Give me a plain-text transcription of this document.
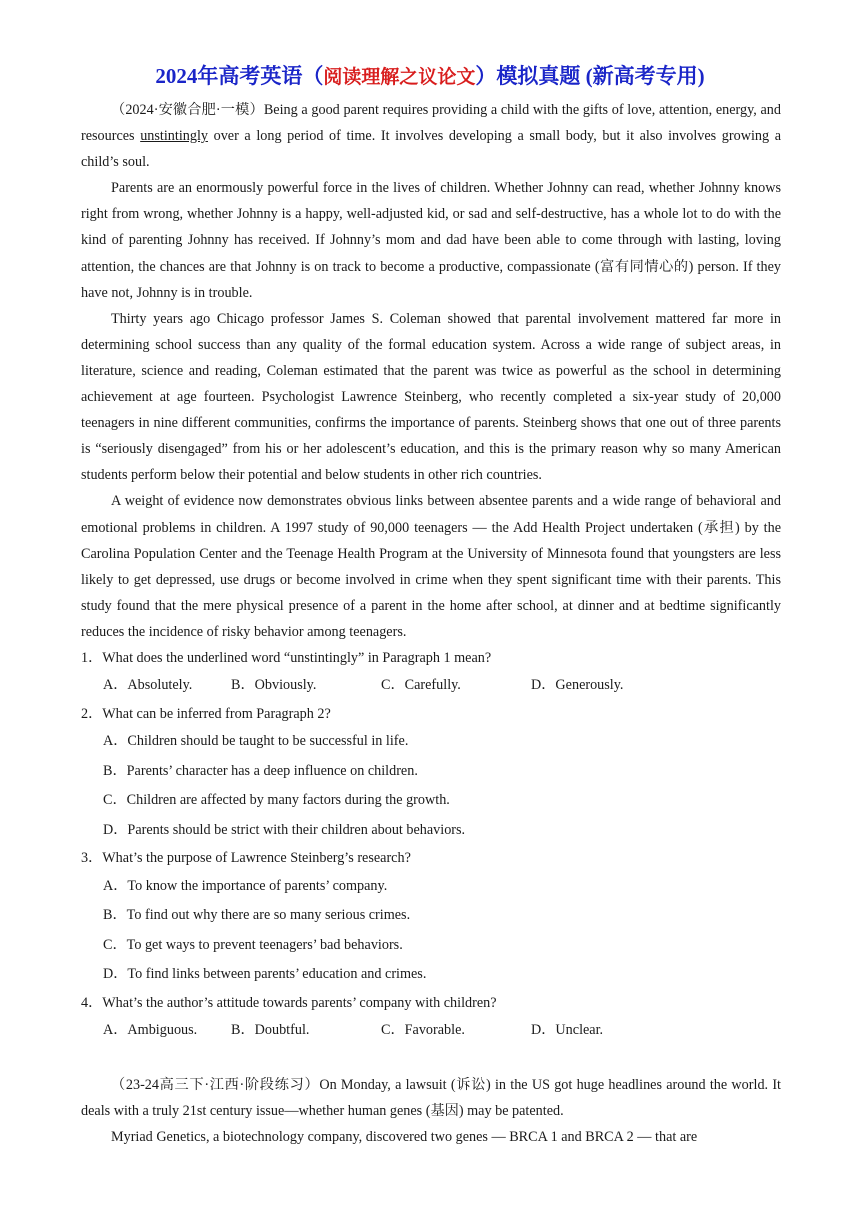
2024年高考英语（阅读理解之议论文）模拟真题 (新高考专用)

（2024·安徽合肥·一模）Being a good parent requires providing a child with the gifts of love, attention, energy, and resources unstintingly over a long period of time. It involves developing a small body, but it also involves growing a child’s soul.

Parents are an enormously powerful force in the lives of children. Whether Johnny can read, whether Johnny knows right from wrong, whether Johnny is a happy, well-adjusted kid, or sad and self-destructive, has a whole lot to do with the kind of parenting Johnny has received. If Johnny’s mom and dad have been able to come through with lasting, loving attention, the chances are that Johnny is on track to become a productive, compassionate (富有同情心的) person. If they have not, Johnny is in trouble.

Thirty years ago Chicago professor James S. Coleman showed that parental involvement mattered far more in determining school success than any quality of the formal education system. Across a wide range of subject areas, in literature, science and reading, Coleman estimated that the parent was twice as powerful as the school in determining achievement at age fourteen. Psychologist Lawrence Steinberg, who recently completed a six-year study of 20,000 teenagers in nine different communities, confirms the importance of parents. Steinberg shows that one out of three parents is “seriously disengaged” from his or her adolescent’s education, and this is the primary reason why so many American students perform below their potential and below students in other rich countries.

A weight of evidence now demonstrates obvious links between absentee parents and a wide range of behavioral and emotional problems in children. A 1997 study of 90,000 teenagers — the Add Health Project undertaken (承担) by the Carolina Population Center and the Teenage Health Program at the University of Minnesota found that youngsters are less likely to get depressed, use drugs or become involved in crime when they spent significant time with their parents. This study found that the mere physical presence of a parent in the home after school, at dinner and at bedtime significantly reduces the incidence of risky behavior among teenagers.

1．What does the underlined word “unstintingly” in Paragraph 1 mean?

A．Absolutely.	B．Obviously.	C．Carefully.	D．Generously.

2．What can be inferred from Paragraph 2?

A．Children should be taught to be successful in life.
B．Parents’ character has a deep influence on children.
C．Children are affected by many factors during the growth.
D．Parents should be strict with their children about behaviors.

3．What’s the purpose of Lawrence Steinberg’s research?

A．To know the importance of parents’ company.
B．To find out why there are so many serious crimes.
C．To get ways to prevent teenagers’ bad behaviors.
D．To find links between parents’ education and crimes.

4．What’s the author’s attitude towards parents’ company with children?

A．Ambiguous.	B．Doubtful.	C．Favorable.	D．Unclear.

（23-24高三下·江西·阶段练习）On Monday, a lawsuit (诉讼) in the US got huge headlines around the world. It deals with a truly 21st century issue—whether human genes (基因) may be patented.

Myriad Genetics, a biotechnology company, discovered two genes — BRCA 1 and BRCA 2 — that are
